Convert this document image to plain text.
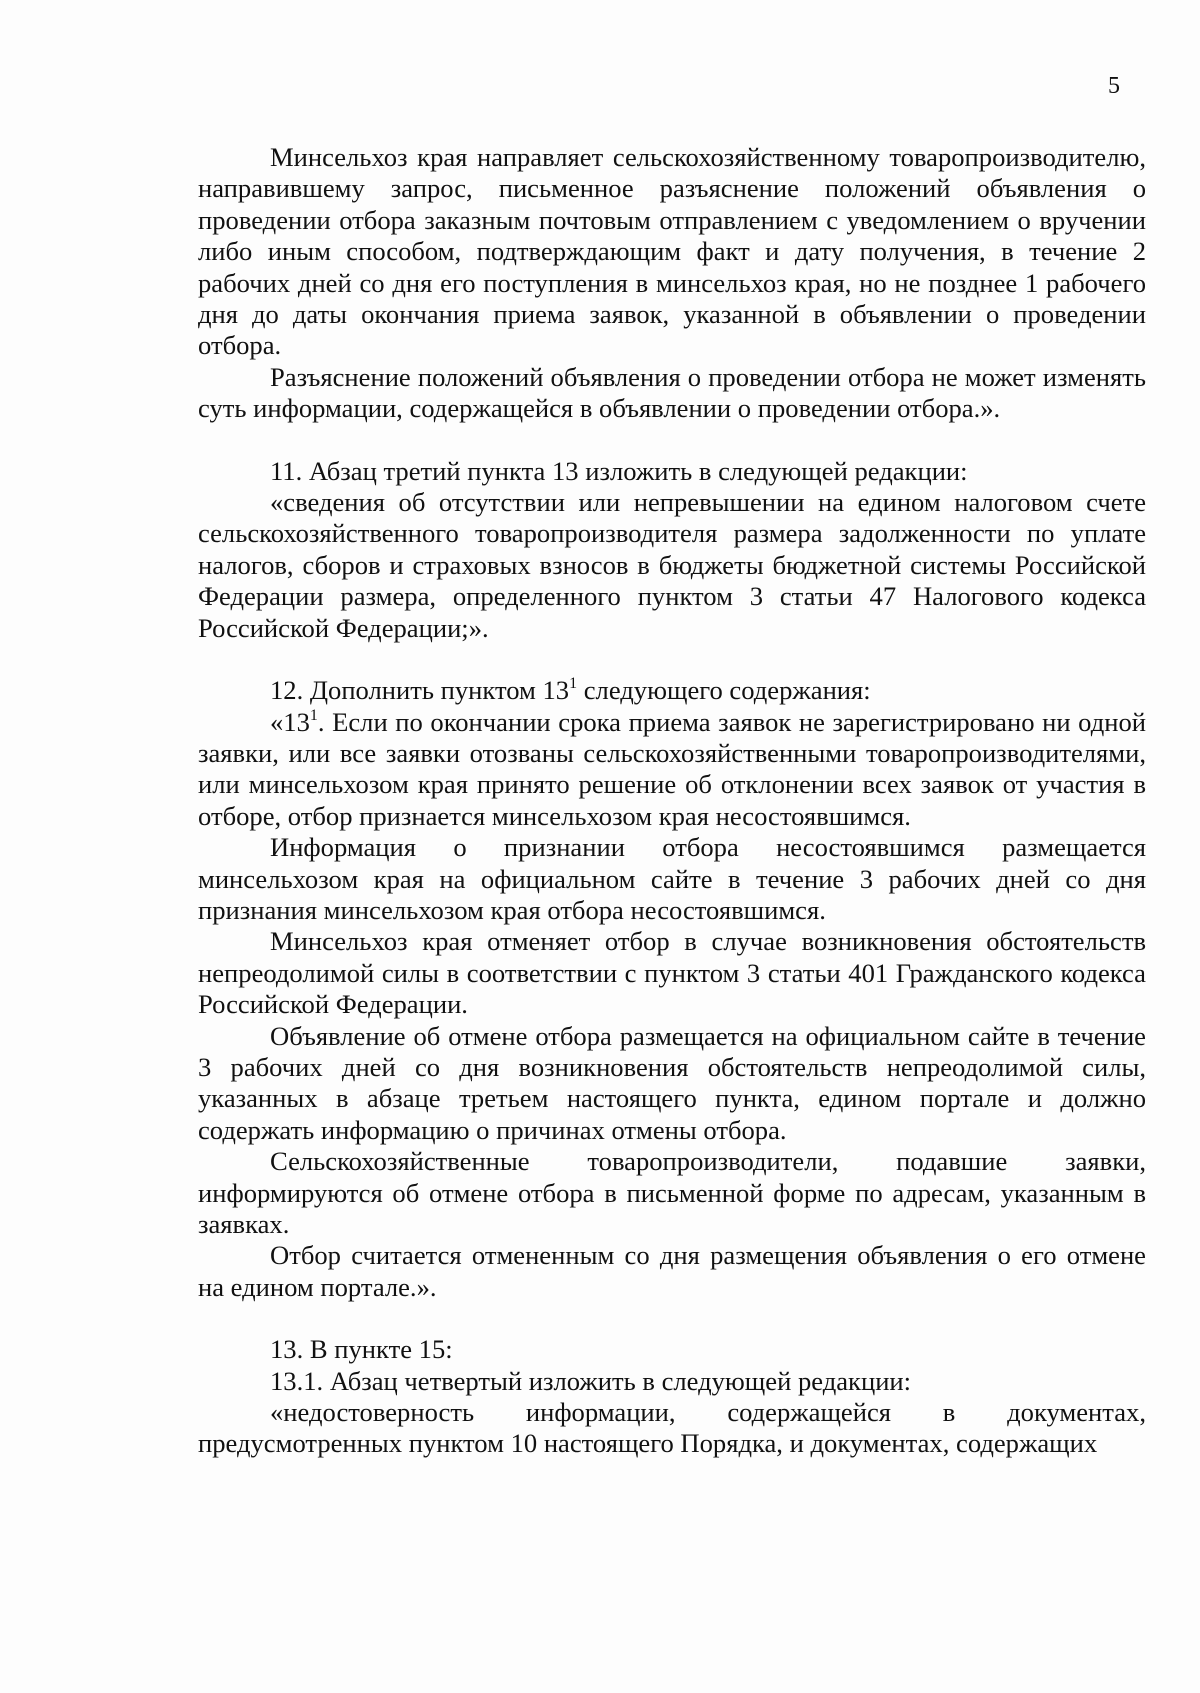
5

Минсельхоз края направляет сельскохозяйственному товаропроизводителю, направившему запрос, письменное разъяснение положений объявления о проведении отбора заказным почтовым отправлением с уведомлением о вручении либо иным способом, подтверждающим факт и дату получения, в течение 2 рабочих дней со дня его поступления в минсельхоз края, но не позднее 1 рабочего дня до даты окончания приема заявок, указанной в объявлении о проведении отбора.

Разъяснение положений объявления о проведении отбора не может изменять суть информации, содержащейся в объявлении о проведении отбора.».

11. Абзац третий пункта 13 изложить в следующей редакции:

«сведения об отсутствии или непревышении на едином налоговом счете сельскохозяйственного товаропроизводителя размера задолженности по уплате налогов, сборов и страховых взносов в бюджеты бюджетной системы Российской Федерации размера, определенного пунктом 3 статьи 47 Налогового кодекса Российской Федерации;».

12. Дополнить пунктом $13^1$ следующего содержания:

«$13^1$. Если по окончании срока приема заявок не зарегистрировано ни одной заявки, или все заявки отозваны сельскохозяйственными товаропроизводителями, или минсельхозом края принято решение об отклонении всех заявок от участия в отборе, отбор признается минсельхозом края несостоявшимся.

Информация о признании отбора несостоявшимся размещается минсельхозом края на официальном сайте в течение 3 рабочих дней со дня признания минсельхозом края отбора несостоявшимся.

Минсельхоз края отменяет отбор в случае возникновения обстоятельств непреодолимой силы в соответствии с пунктом 3 статьи 401 Гражданского кодекса Российской Федерации.

Объявление об отмене отбора размещается на официальном сайте в течение 3 рабочих дней со дня возникновения обстоятельств непреодолимой силы, указанных в абзаце третьем настоящего пункта, едином портале и должно содержать информацию о причинах отмены отбора.

Сельскохозяйственные товаропроизводители, подавшие заявки, информируются об отмене отбора в письменной форме по адресам, указанным в заявках.

Отбор считается отмененным со дня размещения объявления о его отмене на едином портале.».

13. В пункте 15:

13.1. Абзац четвертый изложить в следующей редакции:

«недостоверность информации, содержащейся в документах, предусмотренных пунктом 10 настоящего Порядка, и документах, содержащих
